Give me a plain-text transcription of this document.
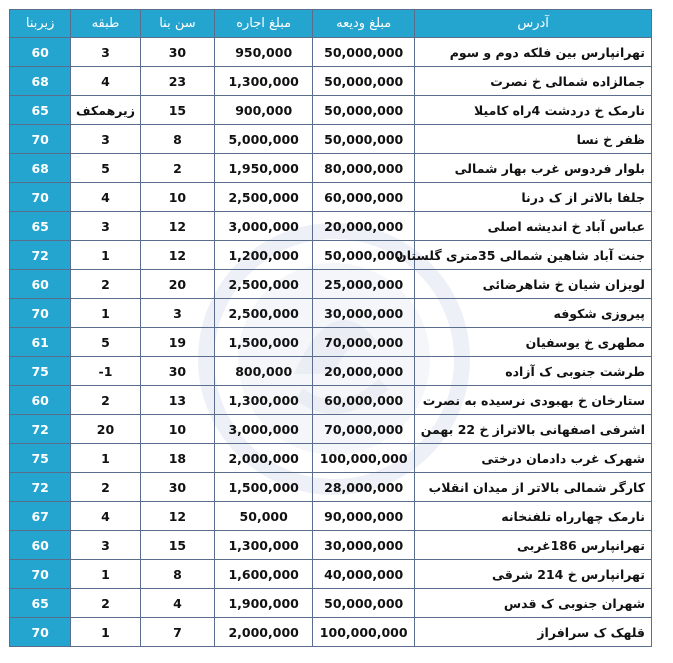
آدرس	مبلغ ودیعه	مبلغ اجاره	سن بنا	طبقه	زیربنا
تهرانپارس بین فلکه دوم و سوم	50,000,000	950,000	30	3	60
جمالزاده شمالی خ نصرت	50,000,000	1,300,000	23	4	68
نارمک خ دردشت 4راه کامیلا	50,000,000	900,000	15	زیرهمکف	65
ظفر خ نسا	50,000,000	5,000,000	8	3	70
بلوار فردوس غرب بهار شمالی	80,000,000	1,950,000	2	5	68
جلفا بالاتر از ک درنا	60,000,000	2,500,000	10	4	70
عباس آباد خ اندیشه اصلی	20,000,000	3,000,000	12	3	65
جنت آباد شاهین شمالی 35متری گلستان	50,000,000	1,200,000	12	1	72
لویزان شیان خ شاهرضائی	25,000,000	2,500,000	20	2	60
پیروزی شکوفه	30,000,000	2,500,000	3	1	70
مطهری خ یوسفیان	70,000,000	1,500,000	19	5	61
طرشت جنوبی ک آزاده	20,000,000	800,000	30	1-	75
ستارخان خ بهبودی نرسیده به نصرت	60,000,000	1,300,000	13	2	60
اشرفی اصفهانی بالاتراز خ 22 بهمن	70,000,000	3,000,000	10	20	72
شهرک غرب دادمان درختی	100,000,000	2,000,000	18	1	75
کارگر شمالی بالاتر از میدان انقلاب	28,000,000	1,500,000	30	2	72
نارمک چهارراه تلفنخانه	90,000,000	50,000	12	4	67
تهرانپارس 186غربی	30,000,000	1,300,000	15	3	60
تهرانپارس خ 214 شرقی	40,000,000	1,600,000	8	1	70
شهران جنوبی ک قدس	50,000,000	1,900,000	4	2	65
قلهک ک سرافراز	100,000,000	2,000,000	7	1	70
